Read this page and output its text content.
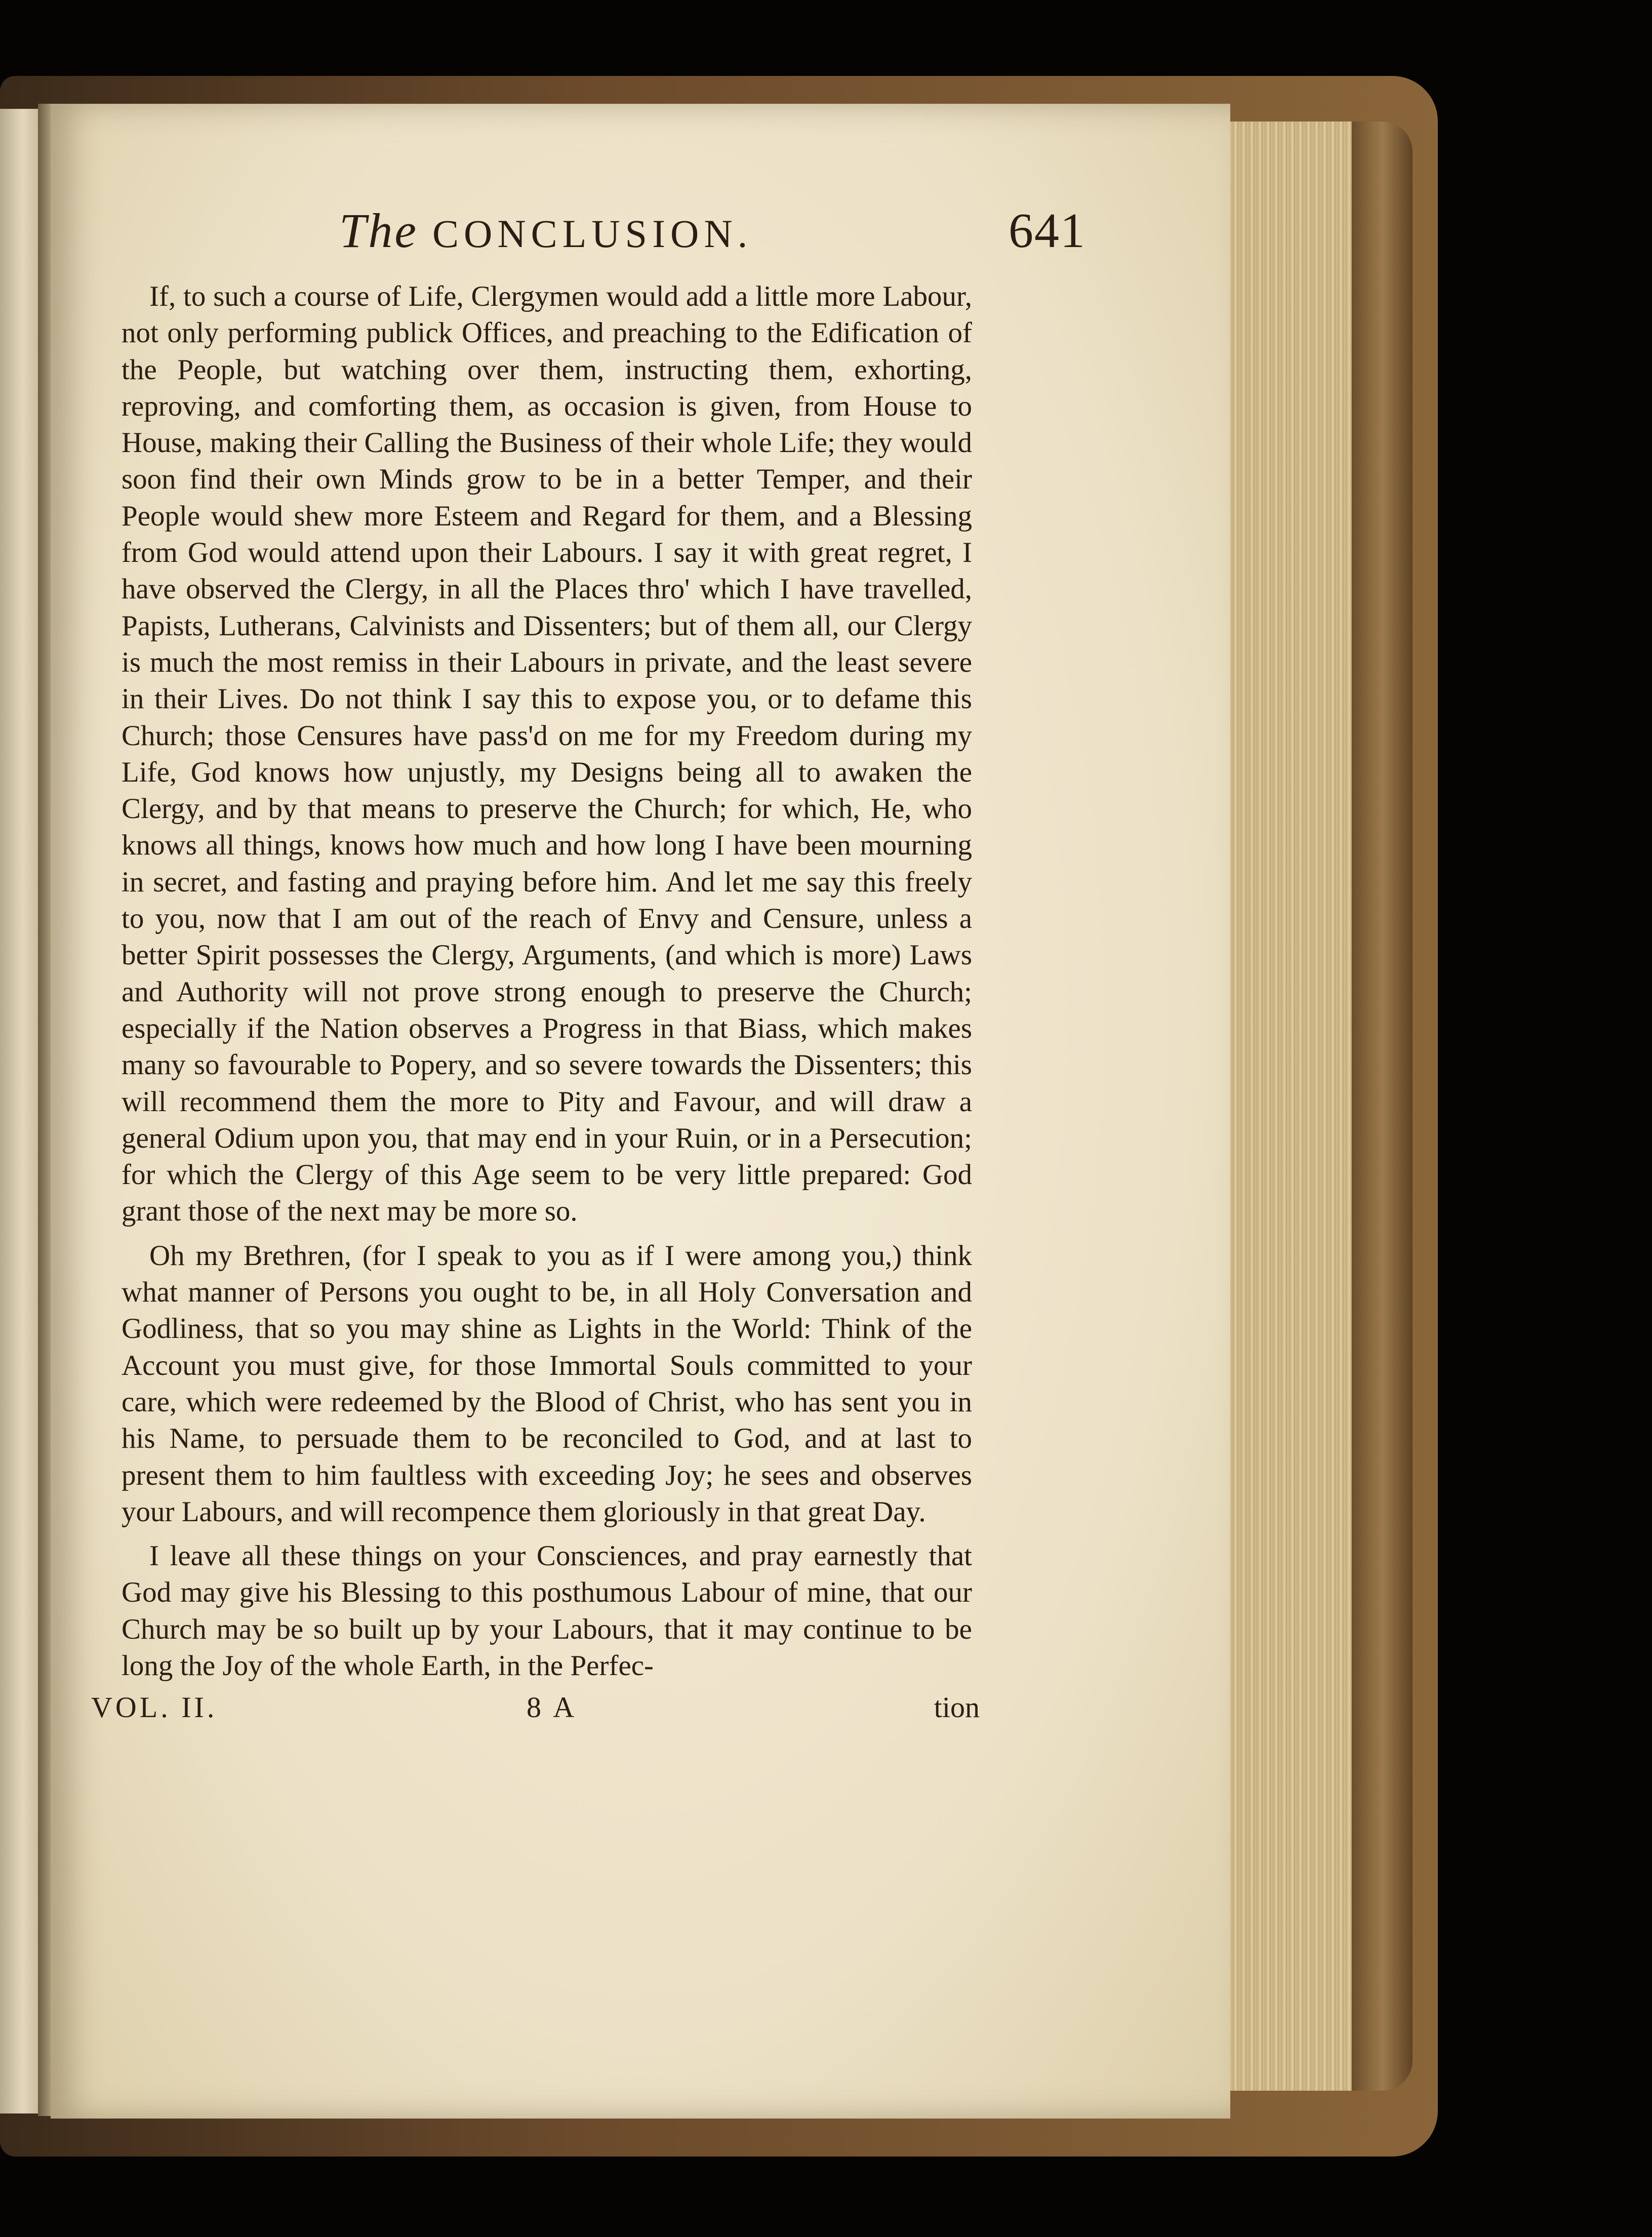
The CONCLUSION.	641

If, to such a course of Life, Clergymen would add a little more Labour, not only performing publick Offices, and preaching to the Edification of the People, but watching over them, instructing them, exhorting, reproving, and comforting them, as occasion is given, from House to House, making their Calling the Business of their whole Life; they would soon find their own Minds grow to be in a better Temper, and their People would shew more Esteem and Regard for them, and a Blessing from God would attend upon their Labours. I say it with great regret, I have observed the Clergy, in all the Places thro' which I have travelled, Papists, Lutherans, Calvinists and Dissenters; but of them all, our Clergy is much the most remiss in their Labours in private, and the least severe in their Lives. Do not think I say this to expose you, or to defame this Church; those Censures have pass'd on me for my Freedom during my Life, God knows how unjustly, my Designs being all to awaken the Clergy, and by that means to preserve the Church; for which, He, who knows all things, knows how much and how long I have been mourning in secret, and fasting and praying before him. And let me say this freely to you, now that I am out of the reach of Envy and Censure, unless a better Spirit possesses the Clergy, Arguments, (and which is more) Laws and Authority will not prove strong enough to preserve the Church; especially if the Nation observes a Progress in that Biass, which makes many so favourable to Popery, and so severe towards the Dissenters; this will recommend them the more to Pity and Favour, and will draw a general Odium upon you, that may end in your Ruin, or in a Persecution; for which the Clergy of this Age seem to be very little prepared: God grant those of the next may be more so.

Oh my Brethren, (for I speak to you as if I were among you,) think what manner of Persons you ought to be, in all Holy Conversation and Godliness, that so you may shine as Lights in the World: Think of the Account you must give, for those Immortal Souls committed to your care, which were redeemed by the Blood of Christ, who has sent you in his Name, to persuade them to be reconciled to God, and at last to present them to him faultless with exceeding Joy; he sees and observes your Labours, and will recompence them gloriously in that great Day.

I leave all these things on your Consciences, and pray earnestly that God may give his Blessing to this posthumous Labour of mine, that our Church may be so built up by your Labours, that it may continue to be long the Joy of the whole Earth, in the Perfec-

VOL. II.	8 A	tion
